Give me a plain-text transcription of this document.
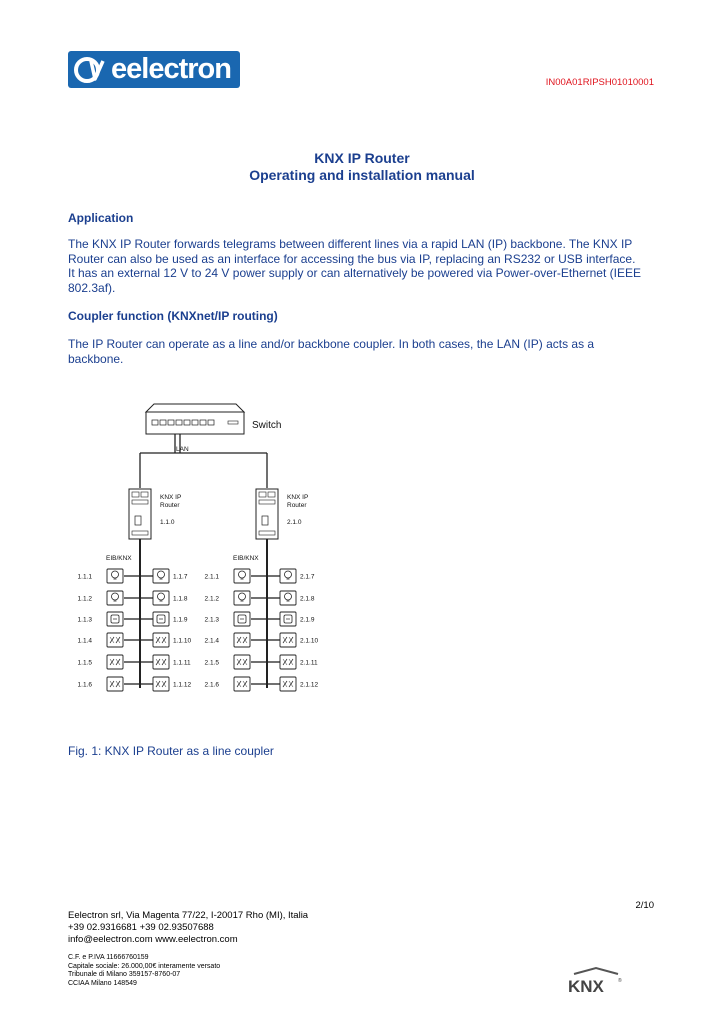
eelectron	IN00A01RIPSH01010001
KNX IP Router
Operating and installation manual
Application
The KNX IP Router forwards telegrams between different lines via a rapid LAN (IP) backbone. The KNX IP
Router can also be used as an interface for accessing the bus via IP, replacing an RS232 or USB interface.
It has an external 12 V to 24 V power supply or can alternatively be powered via Power-over-Ethernet (IEEE
802.3af).
Coupler function (KNXnet/IP routing)
The IP Router can operate as a line and/or backbone coupler. In both cases, the LAN (IP) acts as a
backbone.
Switch
LAN
KNX IP
Router
1.1.0
EIB/KNX
1.1.1	1.1.7
1.1.2	1.1.8
1.1.3	1.1.9
1.1.4	1.1.10
1.1.5	1.1.11
1.1.6	1.1.12
KNX IP
Router
2.1.0
EIB/KNX
2.1.1	2.1.7
2.1.2	2.1.8
2.1.3	2.1.9
2.1.4	2.1.10
2.1.5	2.1.11
2.1.6	2.1.12
Fig. 1: KNX IP Router as a line coupler
2/10
Eelectron srl, Via Magenta 77/22, I-20017 Rho (MI), Italia
+39 02.9316681 +39 02.93507688
info@eelectron.com www.eelectron.com
C.F. e P.IVA 11666760159
Capitale sociale: 26.000,00€ interamente versato
Tribunale di Milano 359157-8760-07
CCIAA Milano 148549	KNX	®
